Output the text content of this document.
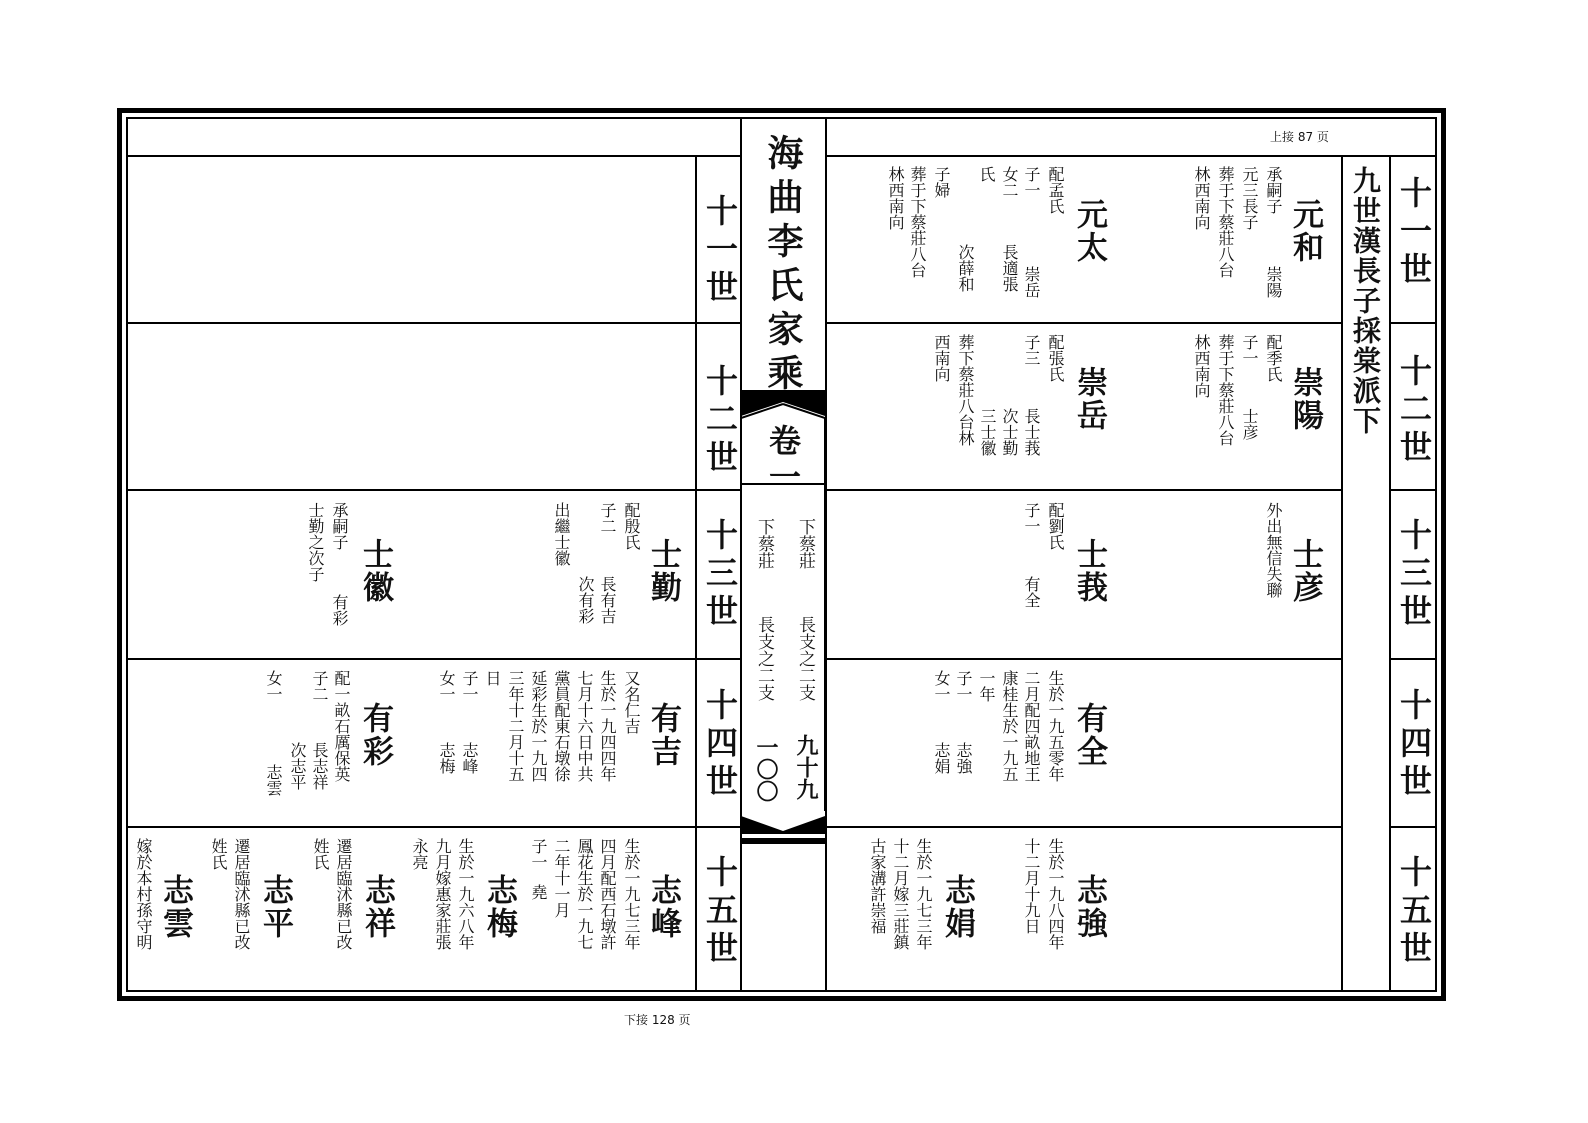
海曲李氏家乘
卷一
下蔡莊
長支之二支
九十九
下蔡莊
長支之二支
一〇〇
上接 87 页
下接 128 页
九世漢長子採棠派下 十一世
十二世
十三世
十四世
十五世
十一世
十二世
十三世
十四世
十五世
元和
承嗣子
元三長子
葬于下蔡莊八台
林西南向
崇陽
元太
配孟氏
子一
女二
氏
子婦
葬于下蔡莊八台
林西南向
崇岳
長適張
次薛和
崇陽
配季氏
子一
葬于下蔡莊八台
林西南向
士彦
崇岳
配張氏
子三
葬下蔡莊八台林
西南向
長士莪
次士勤
三士徽
士彦
外出無信失聯
士莪
配劉氏
子一
有全
有全
生於一九五零年
二月配四畝地王
康桂生於一九五
一年
子一
女一
志強
志娟
志強
生於一九八四年
十二月十九日
志娟
生於一九七三年
十二月嫁三莊鎮
古家溝許崇福
士勤
配殷氏
子二
出繼士徽
長有吉
次有彩
士徽
承嗣子
士勤之次子
有彩
有吉
又名仁吉
生於一九四四年
七月十六日中共
黨員配東石墩徐
延彩生於一九四
三年十二月十五
日
子一
女一
志峰
志梅
有彩
配一畝石厲保英
子二
女一
長志祥
次志平
志雲
志峰
生於一九七三年
四月配西石墩許
鳳花生於一九七
二年十一月
子一
堯
志梅
生於一九六八年
九月嫁惠家莊張
永亮
志祥
遷居臨沭縣已改
姓氏
志平
遷居臨沭縣已改
姓氏
志雲
嫁於本村孫守明
